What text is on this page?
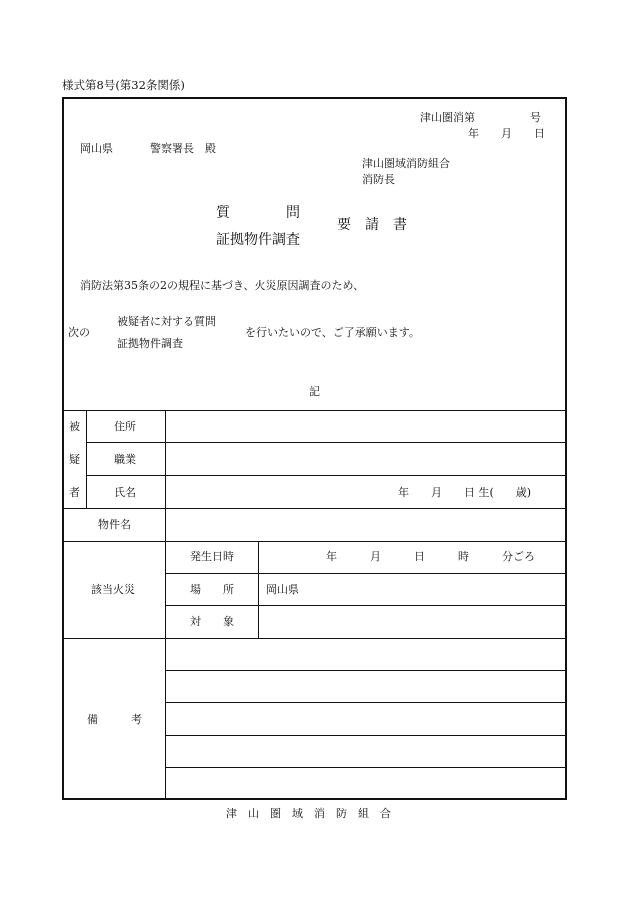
様式第8号(第32条関係)
津山圏消第　　　　　号
年　　月　　日
岡山県	警察署長　殿
津山圏域消防組合
消防長
質　　　　問
証拠物件調査
要　請　書
消防法第35条の2の規程に基づき、火災原因調査のため、
次の
被疑者に対する質問
証拠物件調査
を行いたいので、ご了承願います。
記
被
疑
者
住所
職業
氏名	年　　月　　日 生(　　歳)
物件名
該当火災
発生日時	年　　　月　　　日　　　時　　　分ごろ
場　　所	岡山県
対　　象
備　　　考
津　山　圏　域　消　防　組　合
